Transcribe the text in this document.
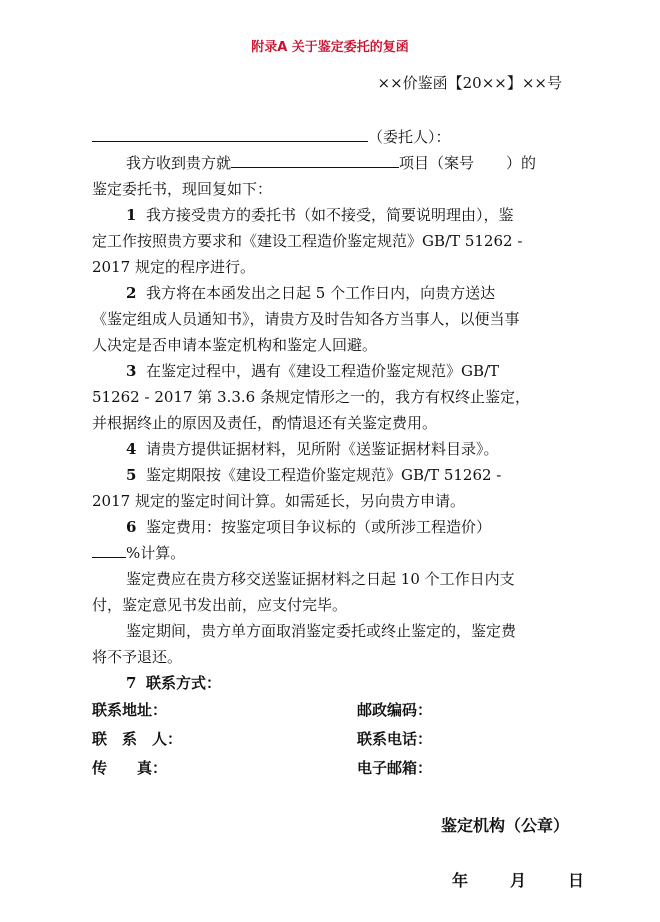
附录A 关于鉴定委托的复函
××价鉴函【20××】××号
（委托人）：
我方收到贵方就	项目（案号 ）的
鉴定委托书，现回复如下：
1 我方接受贵方的委托书（如不接受，简要说明理由），鉴
定工作按照贵方要求和《建设工程造价鉴定规范》GB/T 51262 -
2017 规定的程序进行。
2 我方将在本函发出之日起 5 个工作日内，向贵方送达
《鉴定组成人员通知书》，请贵方及时告知各方当事人，以便当事
人决定是否申请本鉴定机构和鉴定人回避。
3 在鉴定过程中，遇有《建设工程造价鉴定规范》GB/T
51262 - 2017 第 3.3.6 条规定情形之一的，我方有权终止鉴定，
并根据终止的原因及责任，酌情退还有关鉴定费用。
4 请贵方提供证据材料，见所附《送鉴证据材料目录》。
5 鉴定期限按《建设工程造价鉴定规范》GB/T 51262 -
2017 规定的鉴定时间计算。如需延长，另向贵方申请。
6 鉴定费用：按鉴定项目争议标的（或所涉工程造价）
%计算。
鉴定费应在贵方移交送鉴证据材料之日起 10 个工作日内支
付，鉴定意见书发出前，应支付完毕。
鉴定期间，贵方单方面取消鉴定委托或终止鉴定的，鉴定费
将不予退还。
7 联系方式：
联系地址：	邮政编码：
联　系　人：	联系电话：
传　　真：	电子邮箱：
鉴定机构（公章）
年	月	日
